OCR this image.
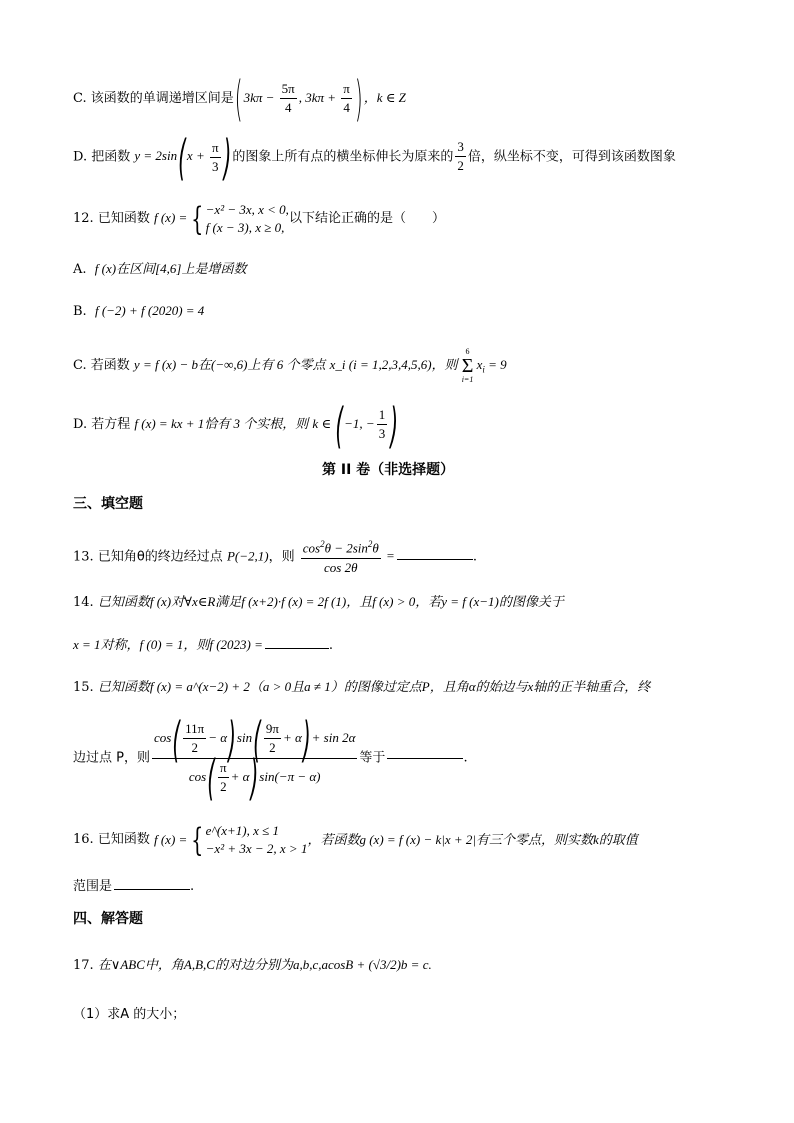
C. 该函数的单调递增区间是($3k\pi - \frac{5\pi}{4}$ , $3k\pi + \frac{\pi}{4}$ )，k ∈ Z
D. 把函数 $y = 2\sin(x + \frac{\pi}{3}$ )的图象上所有点的横坐标伸长为原来的 $\frac{3}{2}$ 倍，纵坐标不变，可得到该函数图象
12. 已知函数 f (x) = { −x² − 3x, x < 0,
f (x − 3), x ≥ 0,
以下结论正确的是（　　）
A. f (x)在区间[4,6]上是增函数
B. f (−2) + f (2020) = 4
C. 若函数 y = f (x) − b在(−∞,6)上有 6 个零点 x_i (i = 1,2,3,4,5,6)，则
6
Σ
i=1
$x_i = 9$
D. 若方程 f (x) = kx + 1恰有 3 个实根，则 k ∈ (−1, − $\frac{1}{3}$ )
第 II 卷（非选择题）
三、填空题
13. 已知角θ的终边经过点 P(−2,1)，则 $\frac{\cos^2\theta - 2\sin^2\theta}{\cos 2\theta}$ =	.
14. 已知函数f (x)对∀x∈R满足f (x+2)·f (x) = 2f (1)，且f (x) > 0，若y = f (x−1)的图像关于
x = 1对称，f (0) = 1，则f (2023) =	.
15. 已知函数f (x) = a^(x−2) + 2（a > 0且a ≠ 1）的图像过定点P，且角α的始边与x轴的正半轴重合，终
边过点 P，则 $\frac{\cos( \frac{11\pi}{2} - \alpha)\sin( \frac{9\pi}{2} + \alpha)+ \sin 2\alpha}{\cos( \frac{\pi}{2} + \alpha)\sin(-\pi - \alpha)}$ 等于	.
16. 已知函数 f (x) = { e^(x+1), x ≤ 1
−x² + 3x − 2, x > 1
，若函数g (x) = f (x) − k|x + 2|有三个零点，则实数k的取值
范围是	.
四、解答题
17. 在∨ABC中，角A,B,C的对边分别为a,b,c,acosB + (√3/2)b = c.
（1）求A 的大小；
